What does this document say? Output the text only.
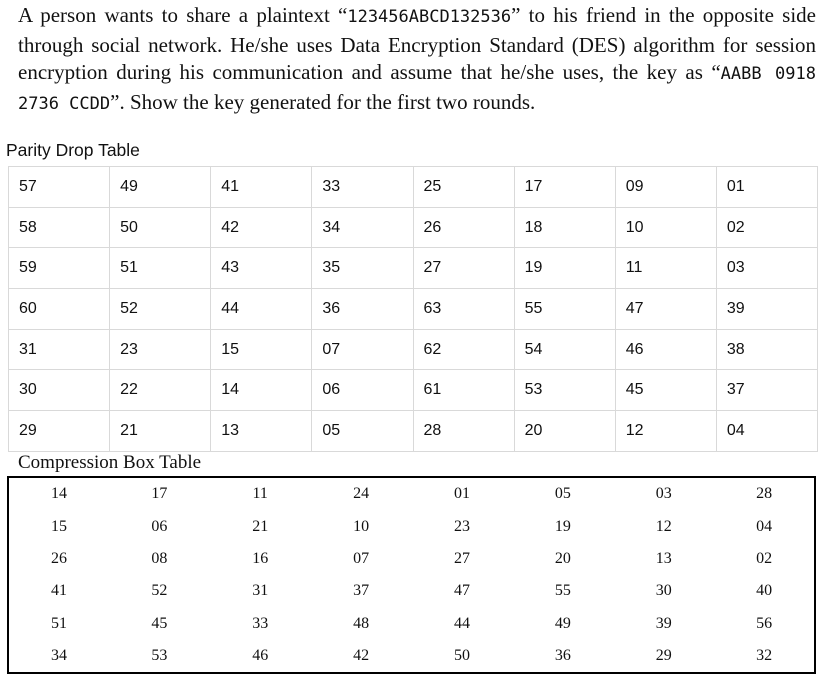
A person wants to share a plaintext “123456ABCD132536” to his friend in the opposite side through social network. He/she uses Data Encryption Standard (DES) algorithm for session encryption during his communication and assume that he/she uses, the key as “AABB 0918 2736 CCDD”. Show the key generated for the first two rounds.
Parity Drop Table
57	49	41	33	25	17	09	01
58	50	42	34	26	18	10	02
59	51	43	35	27	19	11	03
60	52	44	36	63	55	47	39
31	23	15	07	62	54	46	38
30	22	14	06	61	53	45	37
29	21	13	05	28	20	12	04
Compression Box Table
14	17	11	24	01	05	03	28
15	06	21	10	23	19	12	04
26	08	16	07	27	20	13	02
41	52	31	37	47	55	30	40
51	45	33	48	44	49	39	56
34	53	46	42	50	36	29	32
